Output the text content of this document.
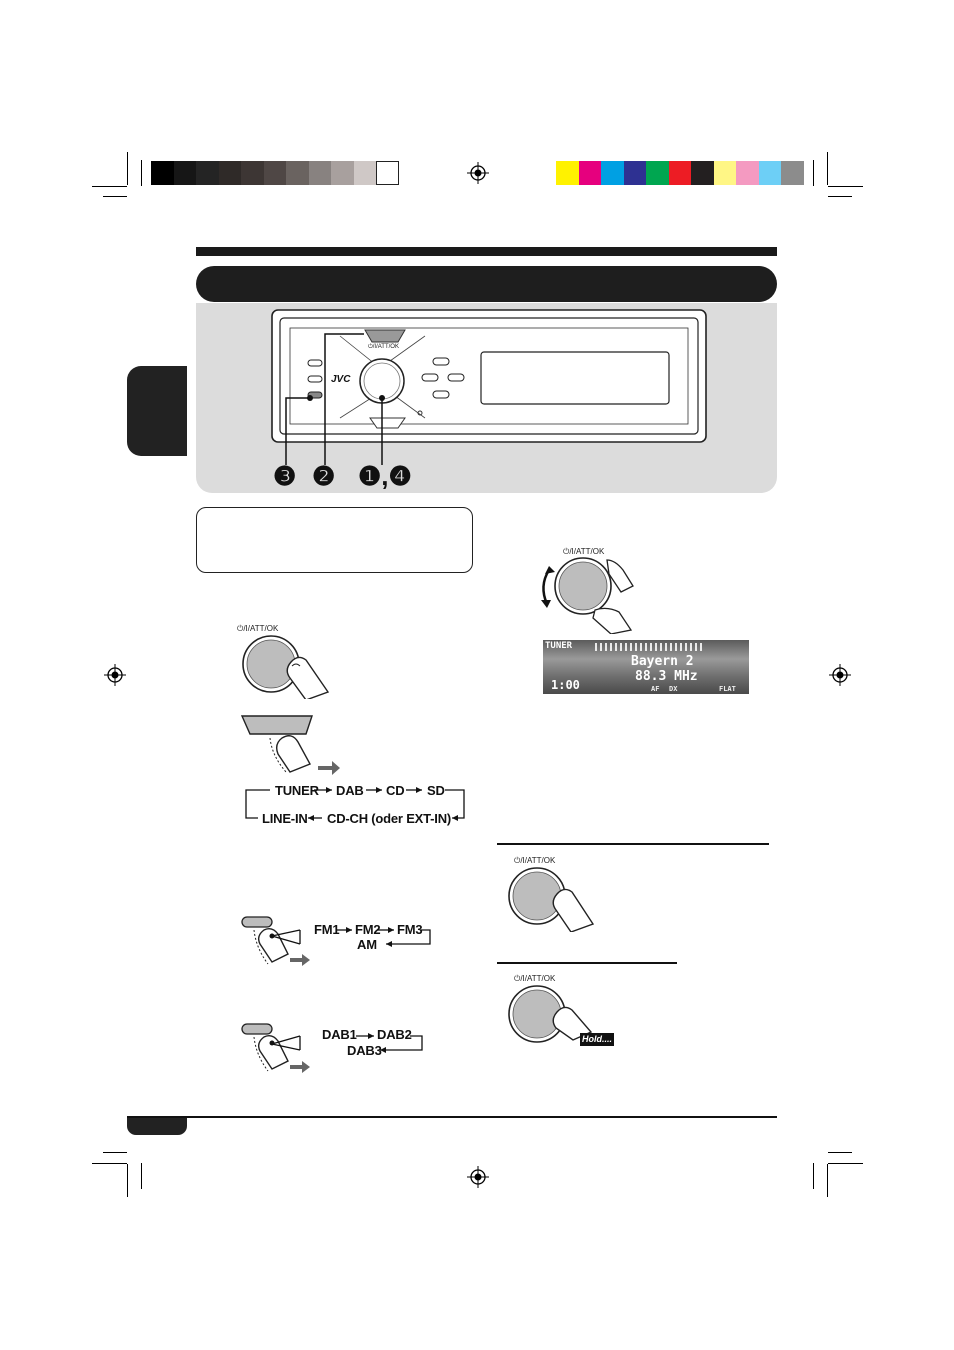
JVC
⏻/I/ATT/OK
❸ ❷ ❶,❹
⏻/I/ATT/OK
TUNER DAB CD SD
LINE-IN CD-CH (oder EXT-IN)
FM1 FM2 FM3
AM
DAB1 DAB2
DAB3
⏻/I/ATT/OK
TUNER
Bayern 2
88.3 MHz
1:00	AF DX	FLAT
⏻/I/ATT/OK
⏻/I/ATT/OK
Hold....
